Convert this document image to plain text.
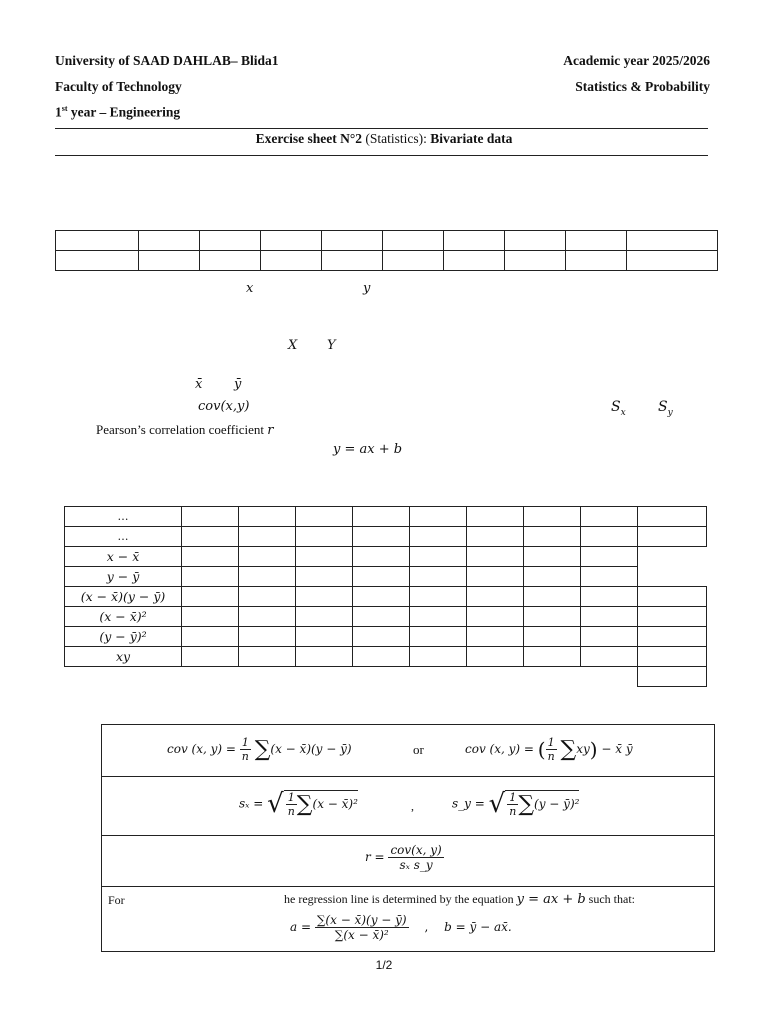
University of SAAD DAHLAB– Blida1
Faculty of Technology
1st year – Engineering
Academic year 2025/2026
Statistics & Probability
Exercise sheet N°2 (Statistics): Bivariate data

x	y
X Y
x̄ ȳ
cov(x,y)	$S_x$ $S_y$
Pearson’s correlation coefficient r
y = ax + b
…									
…									
x − x̄									
y − ȳ									
(x − x̄)(y − ȳ)									
(x − x̄)²									
(y − ȳ)²									
xy									

cov (x, $y) = \frac{1}{n} \sum(x$ − x̄)(y − ȳ)	or	cov (x, y) = ( $\frac{1}{n} \sum xy$) − x̄ ȳ
sₓ = √ $\frac{1}{n} \sum(x$ − x̄)²	,	s_y = √ $\frac{1}{n} \sum(y$ − ȳ)²
$r = \frac{\text{cov(x, y)}}{\text{sₓ s\_y}}$
For	he regression line is determined by the equation y = ax + b such that:
$a = \frac{\sum(x - x̄)(y - ȳ)}{\text{∑(x − x̄)²}}$ , b = ȳ − ax̄.
1/2
